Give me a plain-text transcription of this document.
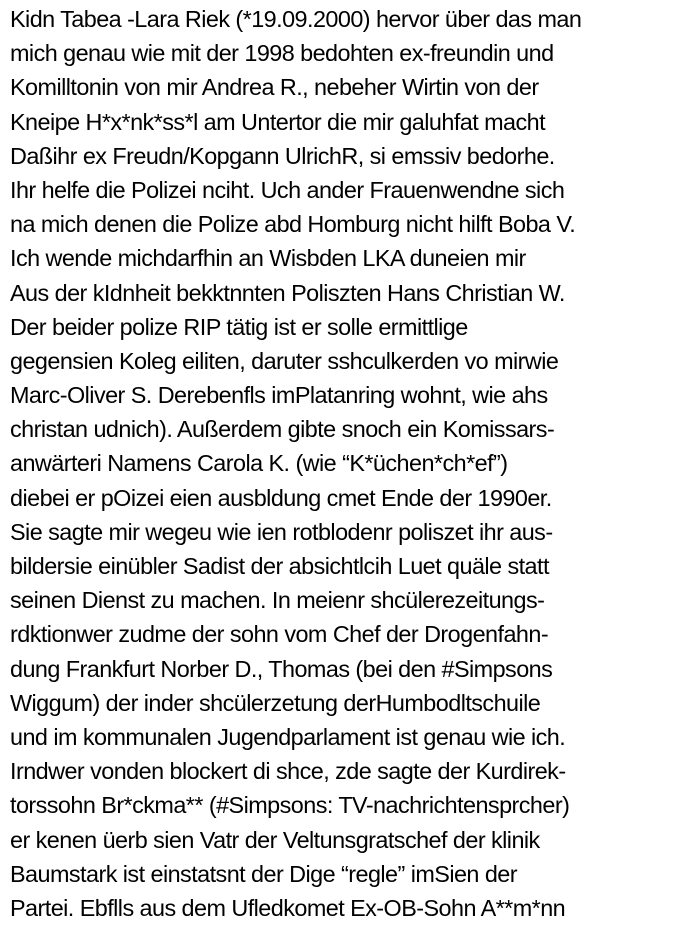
Kidn Tabea -Lara Riek (*19.09.2000) hervor über das man
mich genau wie mit der 1998 bedohten ex-freundin und
Komilltonin von mir Andrea R., nebeher Wirtin von der
Kneipe H*x*nk*ss*l am Untertor die mir galuhfat macht
Daßihr ex Freudn/Kopgann UlrichR, si emssiv bedorhe.
Ihr helfe die Polizei nciht. Uch ander Frauenwendne sich
na mich denen die Polize abd Homburg nicht hilft Boba V.
Ich wende michdarfhin an Wisbden LKA duneien mir
Aus der kIdnheit bekktnnten Poliszten Hans Christian W.
Der beider polize RIP tätig ist er solle ermittlige
gegensien Koleg eiliten, daruter sshculkerden vo mirwie
Marc-Oliver S. Derebenfls imPlatanring wohnt, wie ahs
christan udnich). Außerdem gibte snoch ein Komissars-
anwärteri Namens Carola K. (wie “K*üchen*ch*ef”)
diebei er pOizei eien ausbldung cmet Ende der 1990er.
Sie sagte mir wegeu wie ien rotblodenr poliszet ihr aus-
bildersie einübler Sadist der absichtlcih Luet quäle statt
seinen Dienst zu machen. In meienr shcülerezeitungs-
rdktionwer zudme der sohn vom Chef der Drogenfahn-
dung Frankfurt Norber D., Thomas (bei den #Simpsons
Wiggum) der inder shcülerzetung derHumbodltschuile
und im kommunalen Jugendparlament ist genau wie ich.
Irndwer vonden blockert di shce, zde sagte der Kurdirek-
torssohn Br*ckma** (#Simpsons: TV-nachrichtensprcher)
er kenen üerb sien Vatr der Veltunsgratschef der klinik
Baumstark ist einstatsnt der Dige “regle” imSien der
Partei. Ebflls aus dem Ufledkomet Ex-OB-Sohn A**m*nn
